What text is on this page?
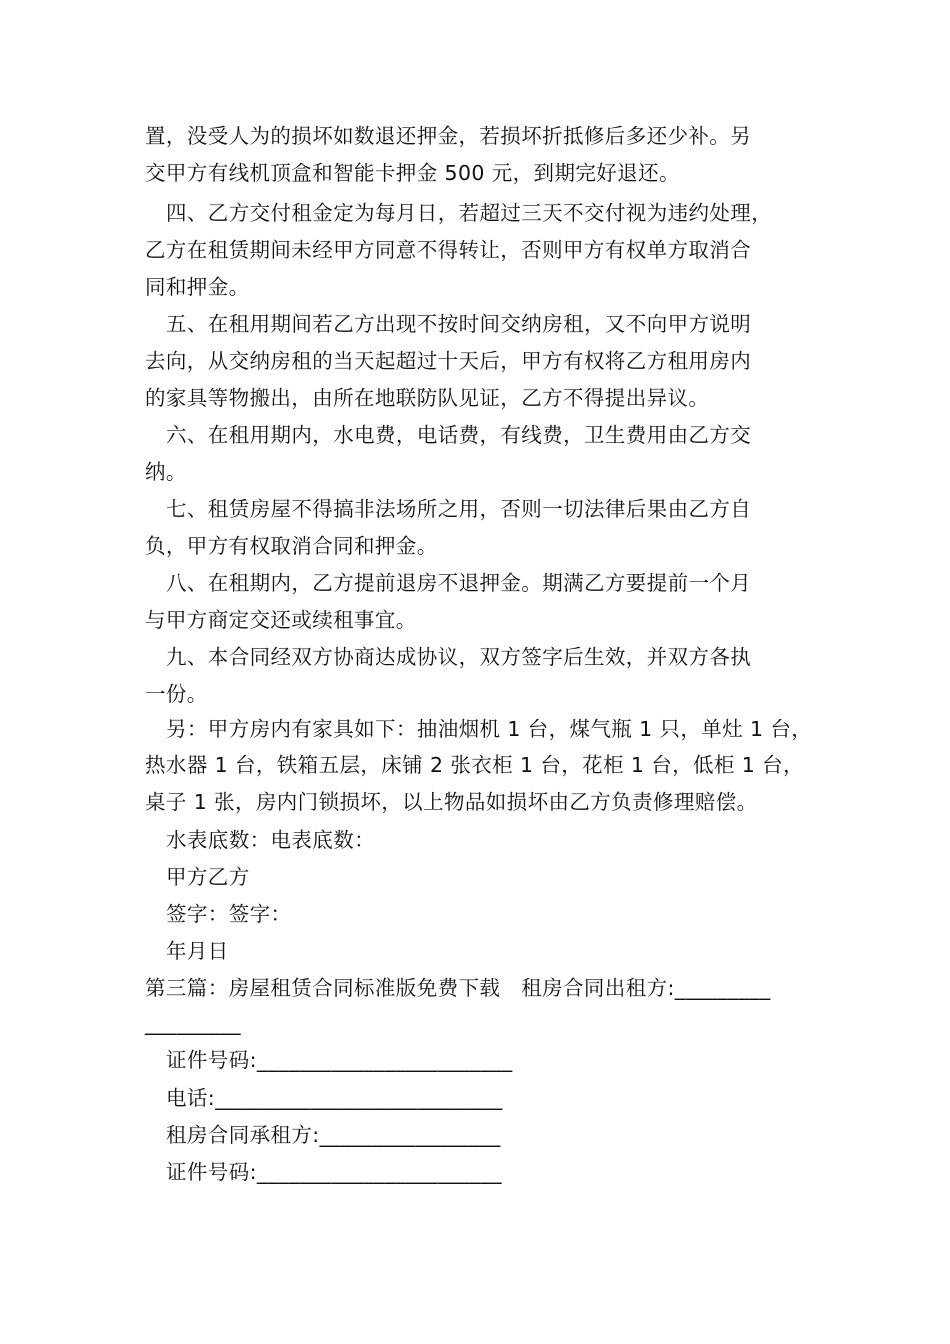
置，没受人为的损坏如数退还押金，若损坏折抵修后多还少补。另
交甲方有线机顶盒和智能卡押金 500 元，到期完好退还。
四、乙方交付租金定为每月日，若超过三天不交付视为违约处理，
乙方在租赁期间未经甲方同意不得转让，否则甲方有权单方取消合
同和押金。
五、在租用期间若乙方出现不按时间交纳房租，又不向甲方说明
去向，从交纳房租的当天起超过十天后，甲方有权将乙方租用房内
的家具等物搬出，由所在地联防队见证，乙方不得提出异议。
六、在租用期内，水电费，电话费，有线费，卫生费用由乙方交
纳。
七、租赁房屋不得搞非法场所之用，否则一切法律后果由乙方自
负，甲方有权取消合同和押金。
八、在租期内，乙方提前退房不退押金。期满乙方要提前一个月
与甲方商定交还或续租事宜。
九、本合同经双方协商达成协议，双方签字后生效，并双方各执
一份。
另：甲方房内有家具如下：抽油烟机 1 台，煤气瓶 1 只，单灶 1 台，
热水器 1 台，铁箱五层，床铺 2 张衣柜 1 台，花柜 1 台，低柜 1 台，
桌子 1 张，房内门锁损坏，以上物品如损坏由乙方负责修理赔偿。
水表底数：电表底数：
甲方乙方
签字：签字：
年月日
第三篇：房屋租赁合同标准版免费下载　租房合同出租方:_________
_________
证件号码:________________________
电话:___________________________
租房合同承租方:_________________
证件号码:_______________________
